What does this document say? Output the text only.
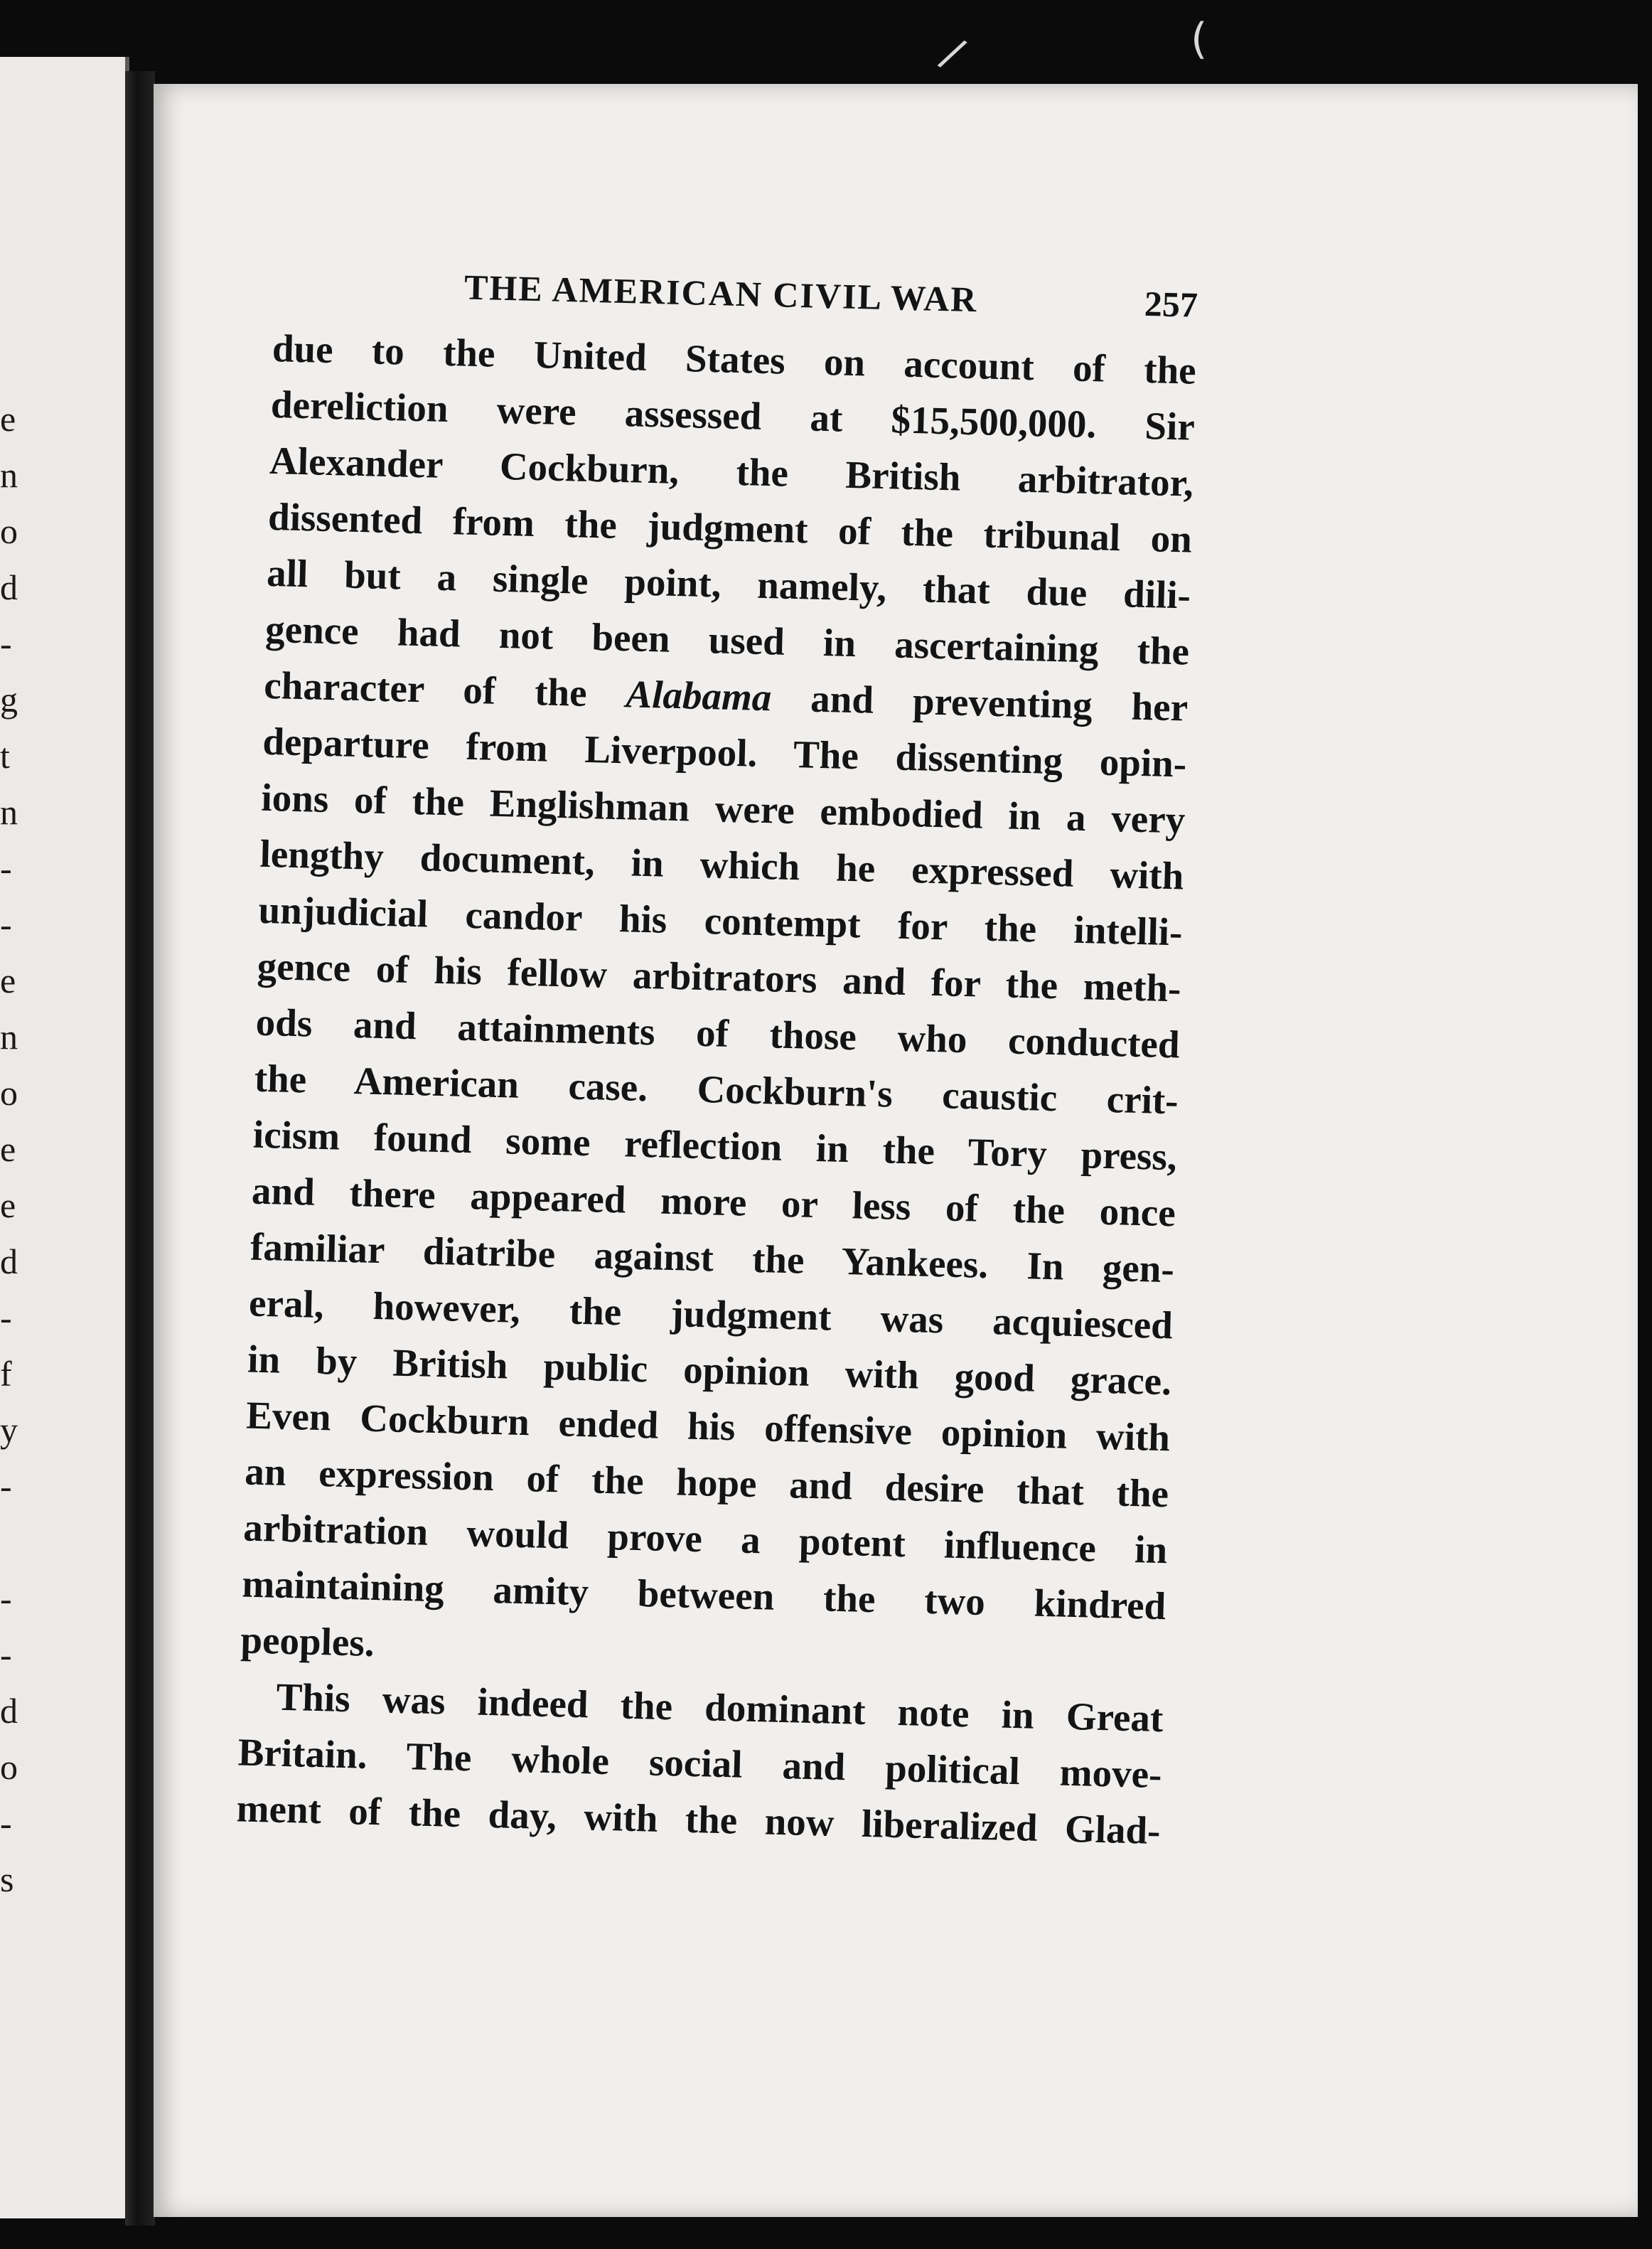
e
n
o
d
-
g
t
n
-
-
e
n
o
e
e
d
-
f
y
-

-
-
d
o
-
s
/	(
THE AMERICAN CIVIL WAR	257

due to the United States on account of the

dereliction were assessed at $15,500,000. Sir

Alexander Cockburn, the British arbitrator,

dissented from the judgment of the tribunal on

all but a single point, namely, that due dili-

gence had not been used in ascertaining the

character of the Alabama and preventing her

departure from Liverpool. The dissenting opin-

ions of the Englishman were embodied in a very

lengthy document, in which he expressed with

unjudicial candor his contempt for the intelli-

gence of his fellow arbitrators and for the meth-

ods and attainments of those who conducted

the American case. Cockburn's caustic crit-

icism found some reflection in the Tory press,

and there appeared more or less of the once

familiar diatribe against the Yankees. In gen-

eral, however, the judgment was acquiesced

in by British public opinion with good grace.

Even Cockburn ended his offensive opinion with

an expression of the hope and desire that the

arbitration would prove a potent influence in

maintaining amity between the two kindred

peoples.

This was indeed the dominant note in Great

Britain. The whole social and political move-

ment of the day, with the now liberalized Glad-
